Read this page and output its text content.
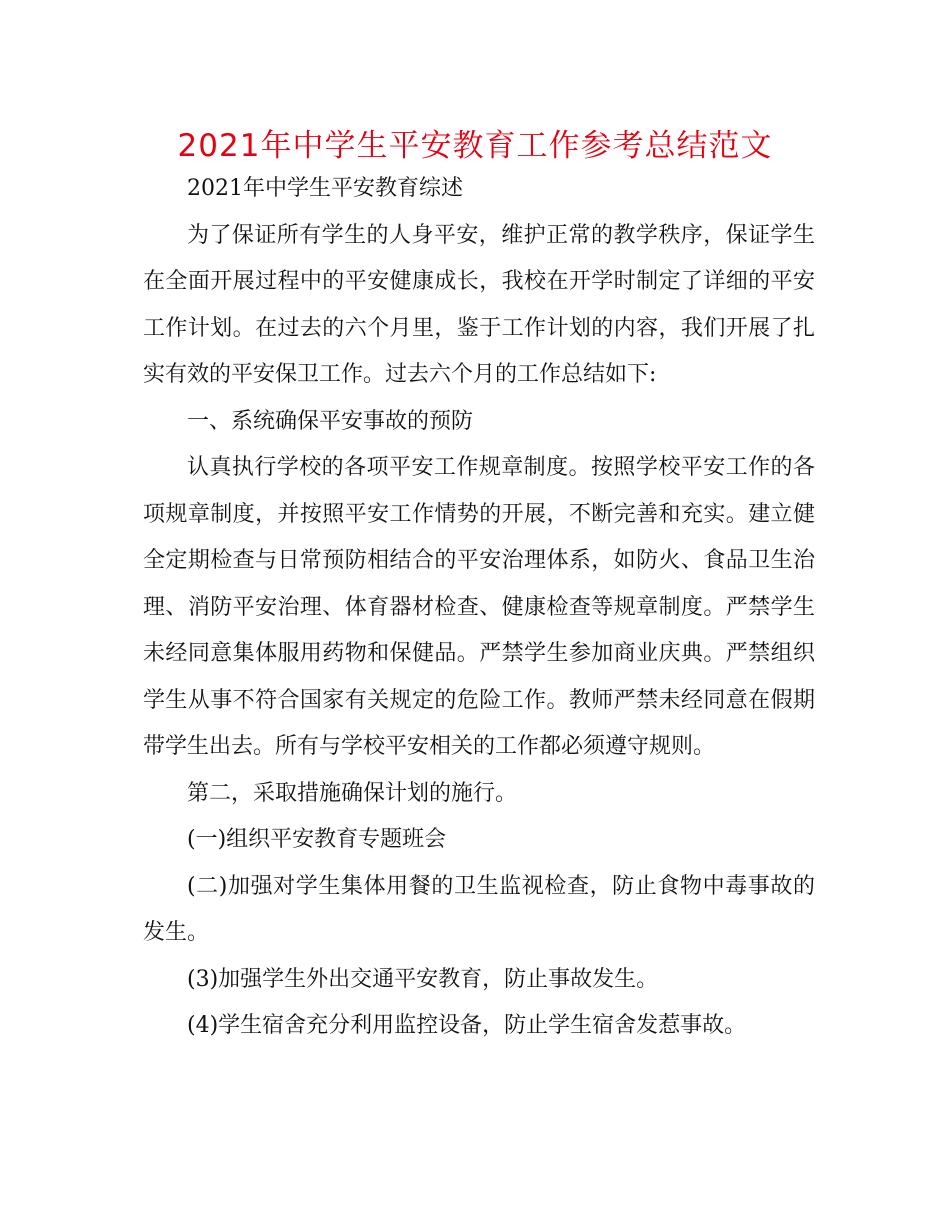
2021年中学生平安教育工作参考总结范文

2021年中学生平安教育综述

为了保证所有学生的人身平安，维护正常的教学秩序，保证学生在全面开展过程中的平安健康成长，我校在开学时制定了详细的平安工作计划。在过去的六个月里，鉴于工作计划的内容，我们开展了扎实有效的平安保卫工作。过去六个月的工作总结如下:

一、系统确保平安事故的预防

认真执行学校的各项平安工作规章制度。按照学校平安工作的各项规章制度，并按照平安工作情势的开展，不断完善和充实。建立健全定期检查与日常预防相结合的平安治理体系，如防火、食品卫生治理、消防平安治理、体育器材检查、健康检查等规章制度。严禁学生未经同意集体服用药物和保健品。严禁学生参加商业庆典。严禁组织学生从事不符合国家有关规定的危险工作。教师严禁未经同意在假期带学生出去。所有与学校平安相关的工作都必须遵守规则。

第二，采取措施确保计划的施行。

(一)组织平安教育专题班会

(二)加强对学生集体用餐的卫生监视检查，防止食物中毒事故的发生。

(3)加强学生外出交通平安教育，防止事故发生。

(4)学生宿舍充分利用监控设备，防止学生宿舍发惹事故。
